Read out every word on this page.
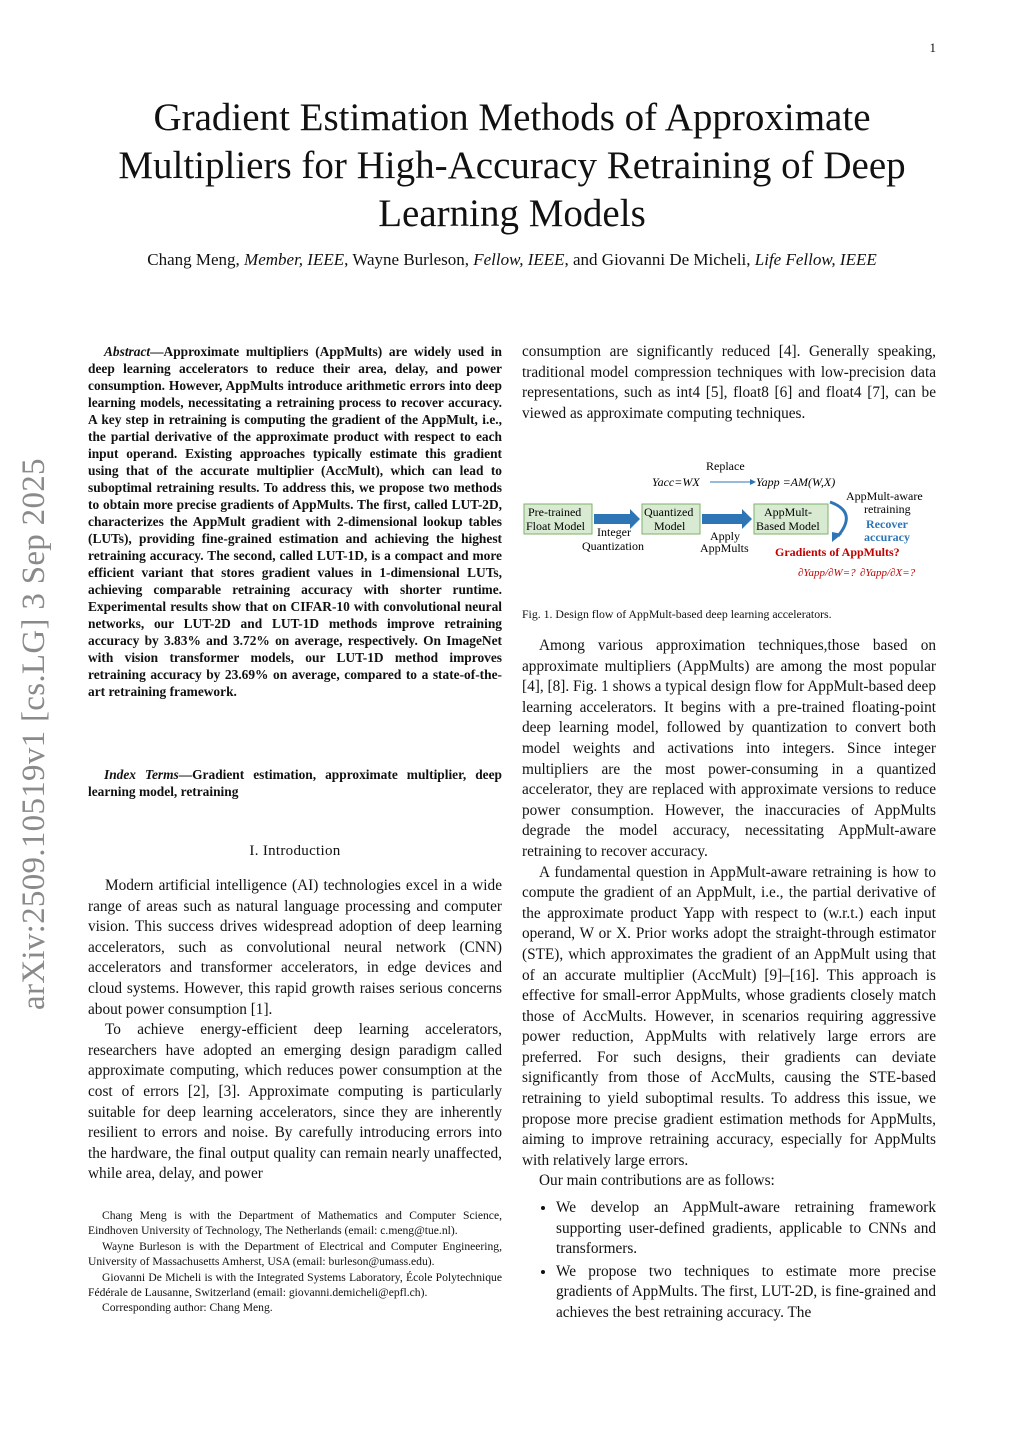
1
arXiv:2509.10519v1 [cs.LG] 3 Sep 2025
Gradient Estimation Methods of Approximate
Multipliers for High-Accuracy Retraining of Deep
Learning Models
Chang Meng, Member, IEEE, Wayne Burleson, Fellow, IEEE, and Giovanni De Micheli, Life Fellow, IEEE

Abstract—Approximate multipliers (AppMults) are widely used in deep learning accelerators to reduce their area, delay, and power consumption. However, AppMults introduce arithmetic errors into deep learning models, necessitating a retraining process to recover accuracy. A key step in retraining is computing the gradient of the AppMult, i.e., the partial derivative of the approximate product with respect to each input operand. Existing approaches typically estimate this gradient using that of the accurate multiplier (AccMult), which can lead to suboptimal retraining results. To address this, we propose two methods to obtain more precise gradients of AppMults. The first, called LUT-2D, characterizes the AppMult gradient with 2-dimensional lookup tables (LUTs), providing fine-grained estimation and achieving the highest retraining accuracy. The second, called LUT-1D, is a compact and more efficient variant that stores gradient values in 1-dimensional LUTs, achieving comparable retraining accuracy with shorter runtime. Experimental results show that on CIFAR-10 with convolutional neural networks, our LUT-2D and LUT-1D methods improve retraining accuracy by 3.83% and 3.72% on average, respectively. On ImageNet with vision transformer models, our LUT-1D method improves retraining accuracy by 23.69% on average, compared to a state-of-the-art retraining framework.

Index Terms—Gradient estimation, approximate multiplier, deep learning model, retraining

I. Introduction

Modern artificial intelligence (AI) technologies excel in a wide range of areas such as natural language processing and computer vision. This success drives widespread adoption of deep learning accelerators, such as convolutional neural network (CNN) accelerators and transformer accelerators, in edge devices and cloud systems. However, this rapid growth raises serious concerns about power consumption [1].

To achieve energy-efficient deep learning accelerators, researchers have adopted an emerging design paradigm called approximate computing, which reduces power consumption at the cost of errors [2], [3]. Approximate computing is particularly suitable for deep learning accelerators, since they are inherently resilient to errors and noise. By carefully introducing errors into the hardware, the final output quality can remain nearly unaffected, while area, delay, and power

Chang Meng is with the Department of Mathematics and Computer Science, Eindhoven University of Technology, The Netherlands (email: c.meng@tue.nl).

Wayne Burleson is with the Department of Electrical and Computer Engineering, University of Massachusetts Amherst, USA (email: burleson@umass.edu).

Giovanni De Micheli is with the Integrated Systems Laboratory, École Polytechnique Fédérale de Lausanne, Switzerland (email: giovanni.demicheli@epfl.ch).

Corresponding author: Chang Meng.

consumption are significantly reduced [4]. Generally speaking, traditional model compression techniques with low-precision data representations, such as int4 [5], float8 [6] and float4 [7], can be viewed as approximate computing techniques.

Replace
Yacc=WX	Yapp =AM(W,X)
Pre-trained
Float Model
Quantized
Model
AppMult-
Based Model
Integer
Quantization
Apply
AppMults
AppMult-aware
retraining
Recover
accuracy
Gradients of AppMults?
∂Yapp/∂W=? ∂Yapp/∂X=?
Fig. 1. Design flow of AppMult-based deep learning accelerators.

Among various approximation techniques,those based on approximate multipliers (AppMults) are among the most popular [4], [8]. Fig. 1 shows a typical design flow for AppMult-based deep learning accelerators. It begins with a pre-trained floating-point deep learning model, followed by quantization to convert both model weights and activations into integers. Since integer multipliers are the most power-consuming in a quantized accelerator, they are replaced with approximate versions to reduce power consumption. However, the inaccuracies of AppMults degrade the model accuracy, necessitating AppMult-aware retraining to recover accuracy.

A fundamental question in AppMult-aware retraining is how to compute the gradient of an AppMult, i.e., the partial derivative of the approximate product Yapp with respect to (w.r.t.) each input operand, W or X. Prior works adopt the straight-through estimator (STE), which approximates the gradient of an AppMult using that of an accurate multiplier (AccMult) [9]–[16]. This approach is effective for small-error AppMults, whose gradients closely match those of AccMults. However, in scenarios requiring aggressive power reduction, AppMults with relatively large errors are preferred. For such designs, their gradients can deviate significantly from those of AccMults, causing the STE-based retraining to yield suboptimal results. To address this issue, we propose more precise gradient estimation methods for AppMults, aiming to improve retraining accuracy, especially for AppMults with relatively large errors.

Our main contributions are as follows:

• We develop an AppMult-aware retraining framework supporting user-defined gradients, applicable to CNNs and transformers.
• We propose two techniques to estimate more precise gradients of AppMults. The first, LUT-2D, is fine-grained and achieves the best retraining accuracy. The
